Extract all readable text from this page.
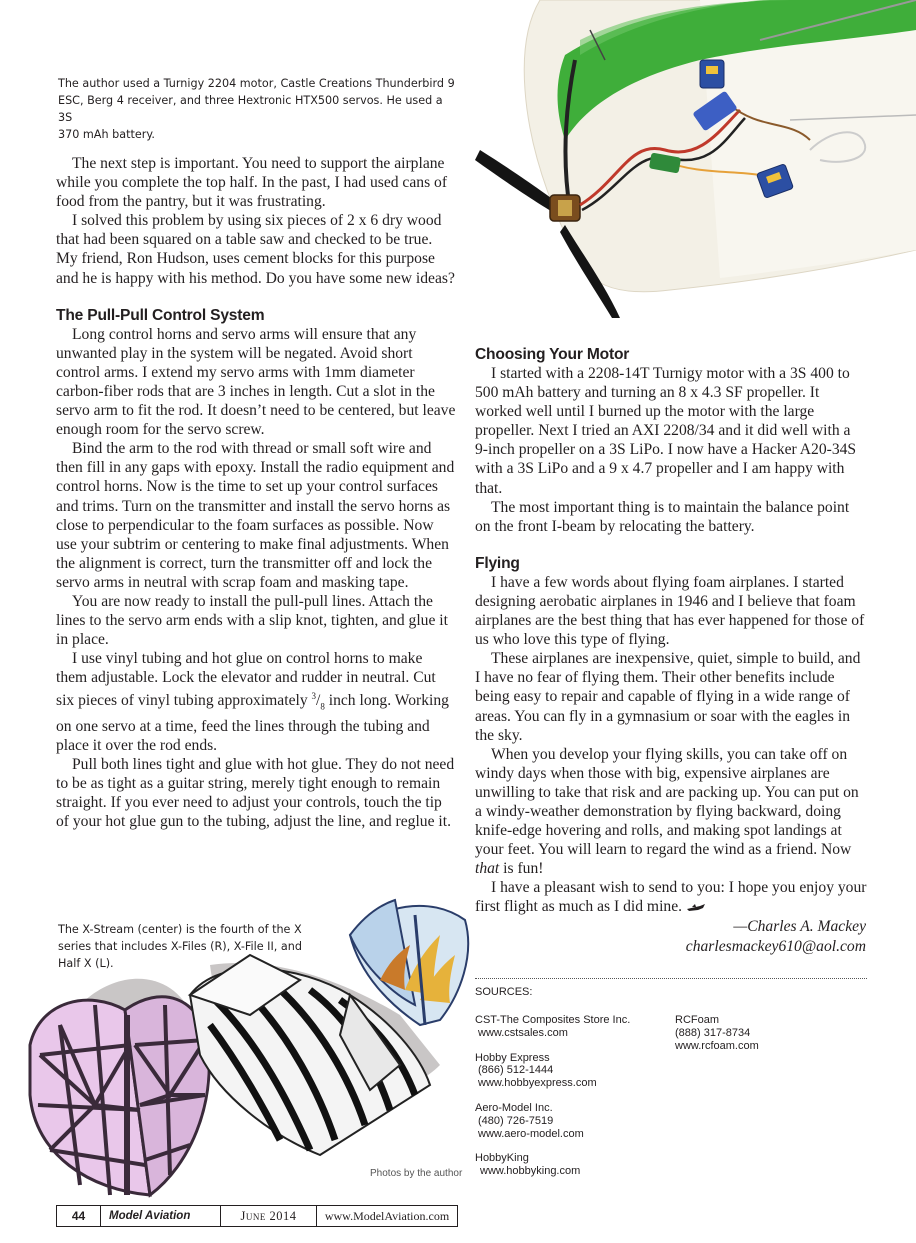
The author used a Turnigy 2204 motor, Castle Creations Thunderbird 9
ESC, Berg 4 receiver, and three Hextronic HTX500 servos. He used a 3S
370 mAh battery.

The next step is important. You need to support the airplane while you complete the top half. In the past, I had used cans of food from the pantry, but it was frustrating.

I solved this problem by using six pieces of 2 x 6 dry wood that had been squared on a table saw and checked to be true. My friend, Ron Hudson, uses cement blocks for this purpose and he is happy with his method. Do you have some new ideas?

The Pull-Pull Control System

Long control horns and servo arms will ensure that any unwanted play in the system will be negated. Avoid short control arms. I extend my servo arms with 1mm diameter carbon-fiber rods that are 3 inches in length. Cut a slot in the servo arm to fit the rod. It doesn’t need to be centered, but leave enough room for the servo screw.

Bind the arm to the rod with thread or small soft wire and then fill in any gaps with epoxy. Install the radio equipment and control horns. Now is the time to set up your control surfaces and trims. Turn on the transmitter and install the servo horns as close to perpendicular to the foam surfaces as possible. Now use your subtrim or centering to make final adjustments. When the alignment is correct, turn the transmitter off and lock the servo arms in neutral with scrap foam and masking tape.

You are now ready to install the pull-pull lines. Attach the lines to the servo arm ends with a slip knot, tighten, and glue it in place.

I use vinyl tubing and hot glue on control horns to make them adjustable. Lock the elevator and rudder in neutral. Cut six pieces of vinyl tubing approximately $^3/_8$ inch long. Working on one servo at a time, feed the lines through the tubing and place it over the rod ends.

Pull both lines tight and glue with hot glue. They do not need to be as tight as a guitar string, merely tight enough to remain straight. If you ever need to adjust your controls, touch the tip of your hot glue gun to the tubing, adjust the line, and reglue it.

Choosing Your Motor

I started with a 2208-14T Turnigy motor with a 3S 400 to 500 mAh battery and turning an 8 x 4.3 SF propeller. It worked well until I burned up the motor with the large propeller. Next I tried an AXI 2208/34 and it did well with a 9-inch propeller on a 3S LiPo. I now have a Hacker A20-34S with a 3S LiPo and a 9 x 4.7 propeller and I am happy with that.

The most important thing is to maintain the balance point on the front I-beam by relocating the battery.

Flying

I have a few words about flying foam airplanes. I started designing aerobatic airplanes in 1946 and I believe that foam airplanes are the best thing that has ever happened for those of us who love this type of flying.

These airplanes are inexpensive, quiet, simple to build, and I have no fear of flying them. Their other benefits include being easy to repair and capable of flying in a wide range of areas. You can fly in a gymnasium or soar with the eagles in the sky.

When you develop your flying skills, you can take off on windy days when those with big, expensive airplanes are unwilling to take that risk and are packing up. You can put on a windy-weather demonstration by flying backward, doing knife-edge hovering and rolls, and making spot landings at your feet. You will learn to regard the wind as a friend. Now that is fun!

I have a pleasant wish to send to you: I hope you enjoy your first flight as much as I did mine.

—Charles A. Mackey
charlesmackey610@aol.com
SOURCES:
CST-The Composites Store Inc.
www.cstsales.com
Hobby Express
(866) 512-1444
www.hobbyexpress.com
Aero-Model Inc.
(480) 726-7519
www.aero-model.com
HobbyKing
www.hobbyking.com
RCFoam
(888) 317-8734
www.rcfoam.com
The X-Stream (center) is the fourth of the X
series that includes X-Files (R), X-File II, and
Half X (L).
Photos by the author
44	Model Aviation	June
2014	www.ModelAviation.com
